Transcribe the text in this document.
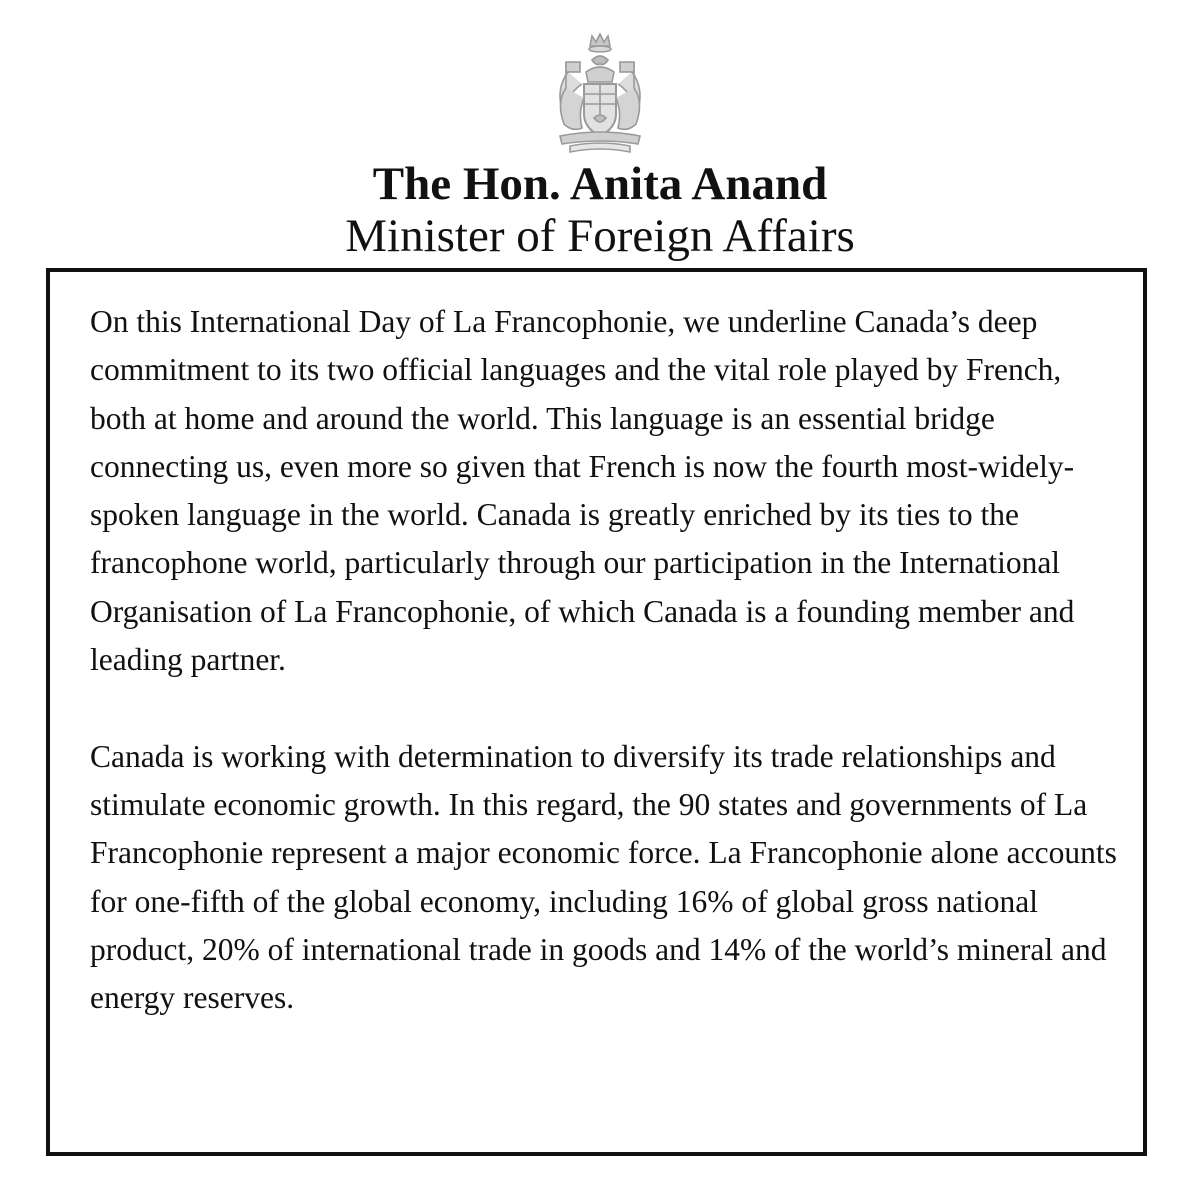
The Hon. Anita Anand
Minister of Foreign Affairs

On this International Day of La Francophonie, we underline Canada’s deep commitment to its two official languages and the vital role played by French, both at home and around the world. This language is an essential bridge connecting us, even more so given that French is now the fourth most-widely-spoken language in the world. Canada is greatly enriched by its ties to the francophone world, particularly through our participation in the International Organisation of La Francophonie, of which Canada is a founding member and leading partner.

Canada is working with determination to diversify its trade relationships and stimulate economic growth. In this regard, the 90 states and governments of La Francophonie represent a major economic force. La Francophonie alone accounts for one-fifth of the global economy, including 16% of global gross national product, 20% of international trade in goods and 14% of the world’s mineral and energy reserves.
